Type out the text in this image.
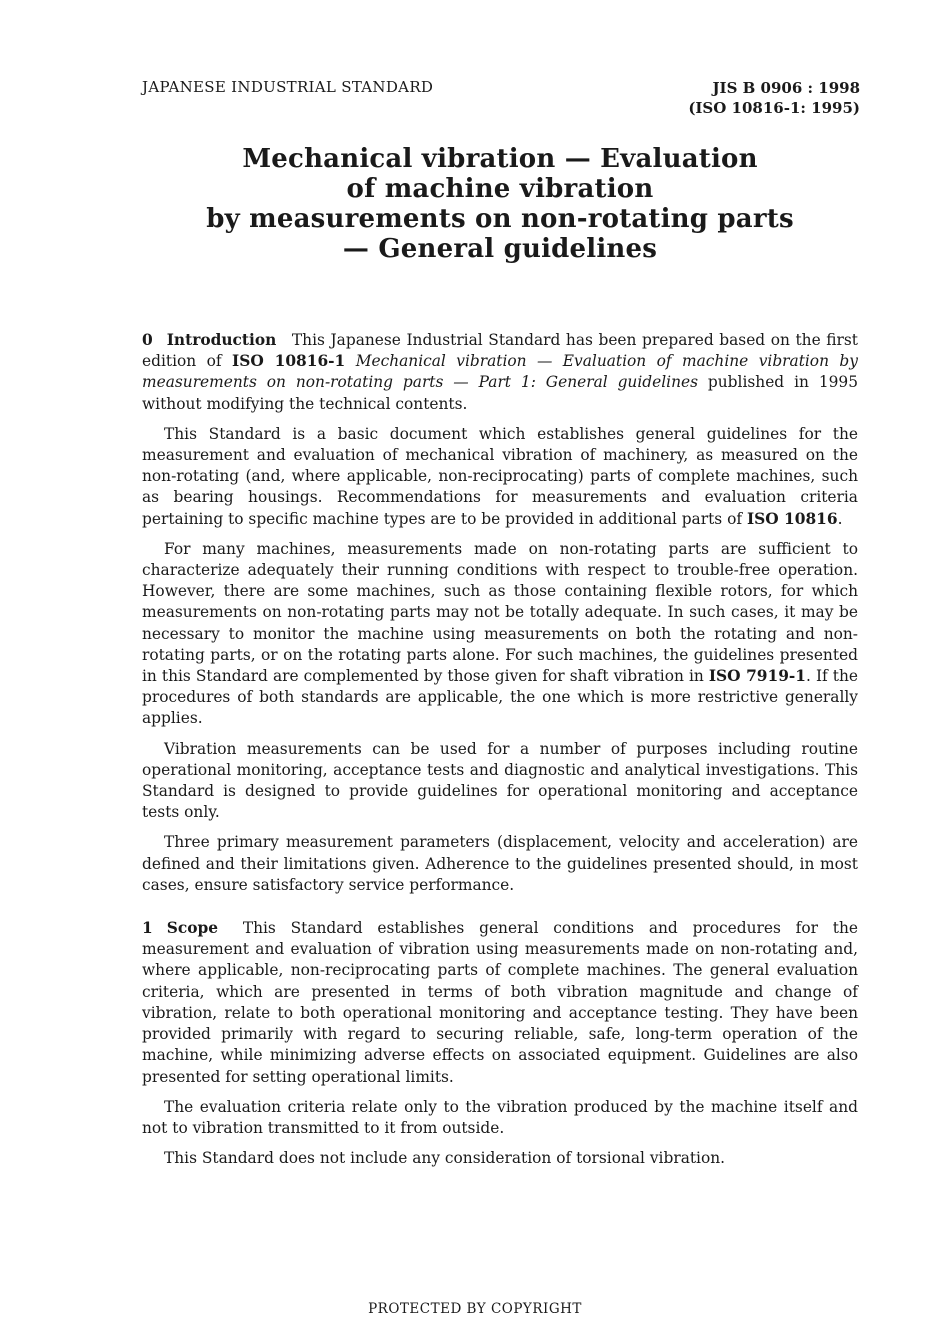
JAPANESE INDUSTRIAL STANDARD	JIS B 0906 : 1998
(ISO 10816-1: 1995)
Mechanical vibration — Evaluation
of machine vibration
by measurements on non-rotating parts
— General guidelines

0 Introduction This Japanese Industrial Standard has been prepared based on the first edition of ISO 10816-1 Mechanical vibration — Evaluation of machine vibration by measurements on non-rotating parts — Part 1: General guidelines published in 1995 without modifying the technical contents.

This Standard is a basic document which establishes general guidelines for the measurement and evaluation of mechanical vibration of machinery, as measured on the non-rotating (and, where applicable, non-reciprocating) parts of complete machines, such as bearing housings. Recommendations for measurements and evaluation criteria pertaining to specific machine types are to be provided in additional parts of ISO 10816.

For many machines, measurements made on non-rotating parts are sufficient to characterize adequately their running conditions with respect to trouble-free operation. However, there are some machines, such as those containing flexible rotors, for which measurements on non-rotating parts may not be totally adequate. In such cases, it may be necessary to monitor the machine using measurements on both the rotating and non-rotating parts, or on the rotating parts alone. For such machines, the guidelines presented in this Standard are complemented by those given for shaft vibration in ISO 7919-1. If the procedures of both standards are applicable, the one which is more restrictive generally applies.

Vibration measurements can be used for a number of purposes including routine operational monitoring, acceptance tests and diagnostic and analytical investigations. This Standard is designed to provide guidelines for operational monitoring and acceptance tests only.

Three primary measurement parameters (displacement, velocity and acceleration) are defined and their limitations given. Adherence to the guidelines presented should, in most cases, ensure satisfactory service performance.

1 Scope This Standard establishes general conditions and procedures for the measurement and evaluation of vibration using measurements made on non-rotating and, where applicable, non-reciprocating parts of complete machines. The general evaluation criteria, which are presented in terms of both vibration magnitude and change of vibration, relate to both operational monitoring and acceptance testing. They have been provided primarily with regard to securing reliable, safe, long-term operation of the machine, while minimizing adverse effects on associated equipment. Guidelines are also presented for setting operational limits.

The evaluation criteria relate only to the vibration produced by the machine itself and not to vibration transmitted to it from outside.

This Standard does not include any consideration of torsional vibration.

PROTECTED BY COPYRIGHT
